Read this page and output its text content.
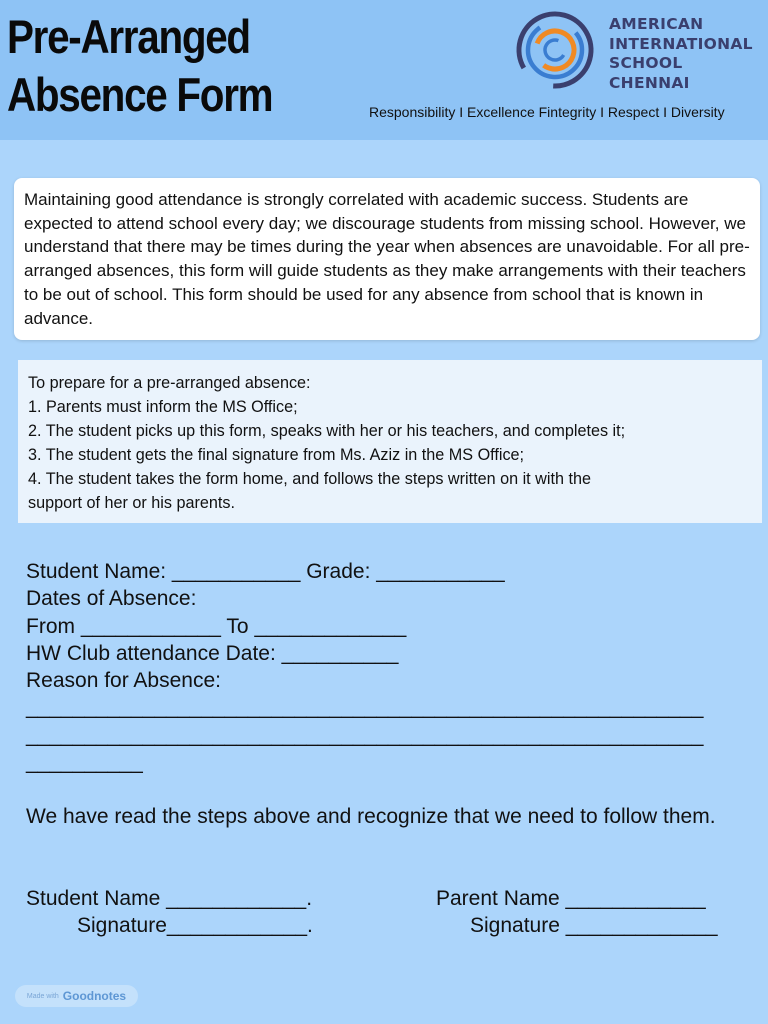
Pre-Arranged
Absence Form
AMERICAN
INTERNATIONAL
SCHOOL
CHENNAI
Responsibility I Excellence Fintegrity I Respect I Diversity

Maintaining good attendance is strongly correlated with academic success. Students are expected to attend school every day; we discourage students from missing school. However, we understand that there may be times during the year when absences are unavoidable. For all pre-arranged absences, this form will guide students as they make arrangements with their teachers to be out of school. This form should be used for any absence from school that is known in advance.

To prepare for a pre-arranged absence:
1. Parents must inform the MS Office;
2. The student picks up this form, speaks with her or his teachers, and completes it;
3. The student gets the final signature from Ms. Aziz in the MS Office;
4. The student takes the form home, and follows the steps written on it with the
support of her or his parents.
Student Name: ___________ Grade: ___________
Dates of Absence:
From ____________ To _____________
HW Club attendance Date: __________
Reason for Absence:
__________________________________________________________
__________________________________________________________
__________
We have read the steps above and recognize that we need to follow them.
Student Name ____________.
Signature____________.
Parent Name ____________
Signature _____________
Made with Goodnotes
